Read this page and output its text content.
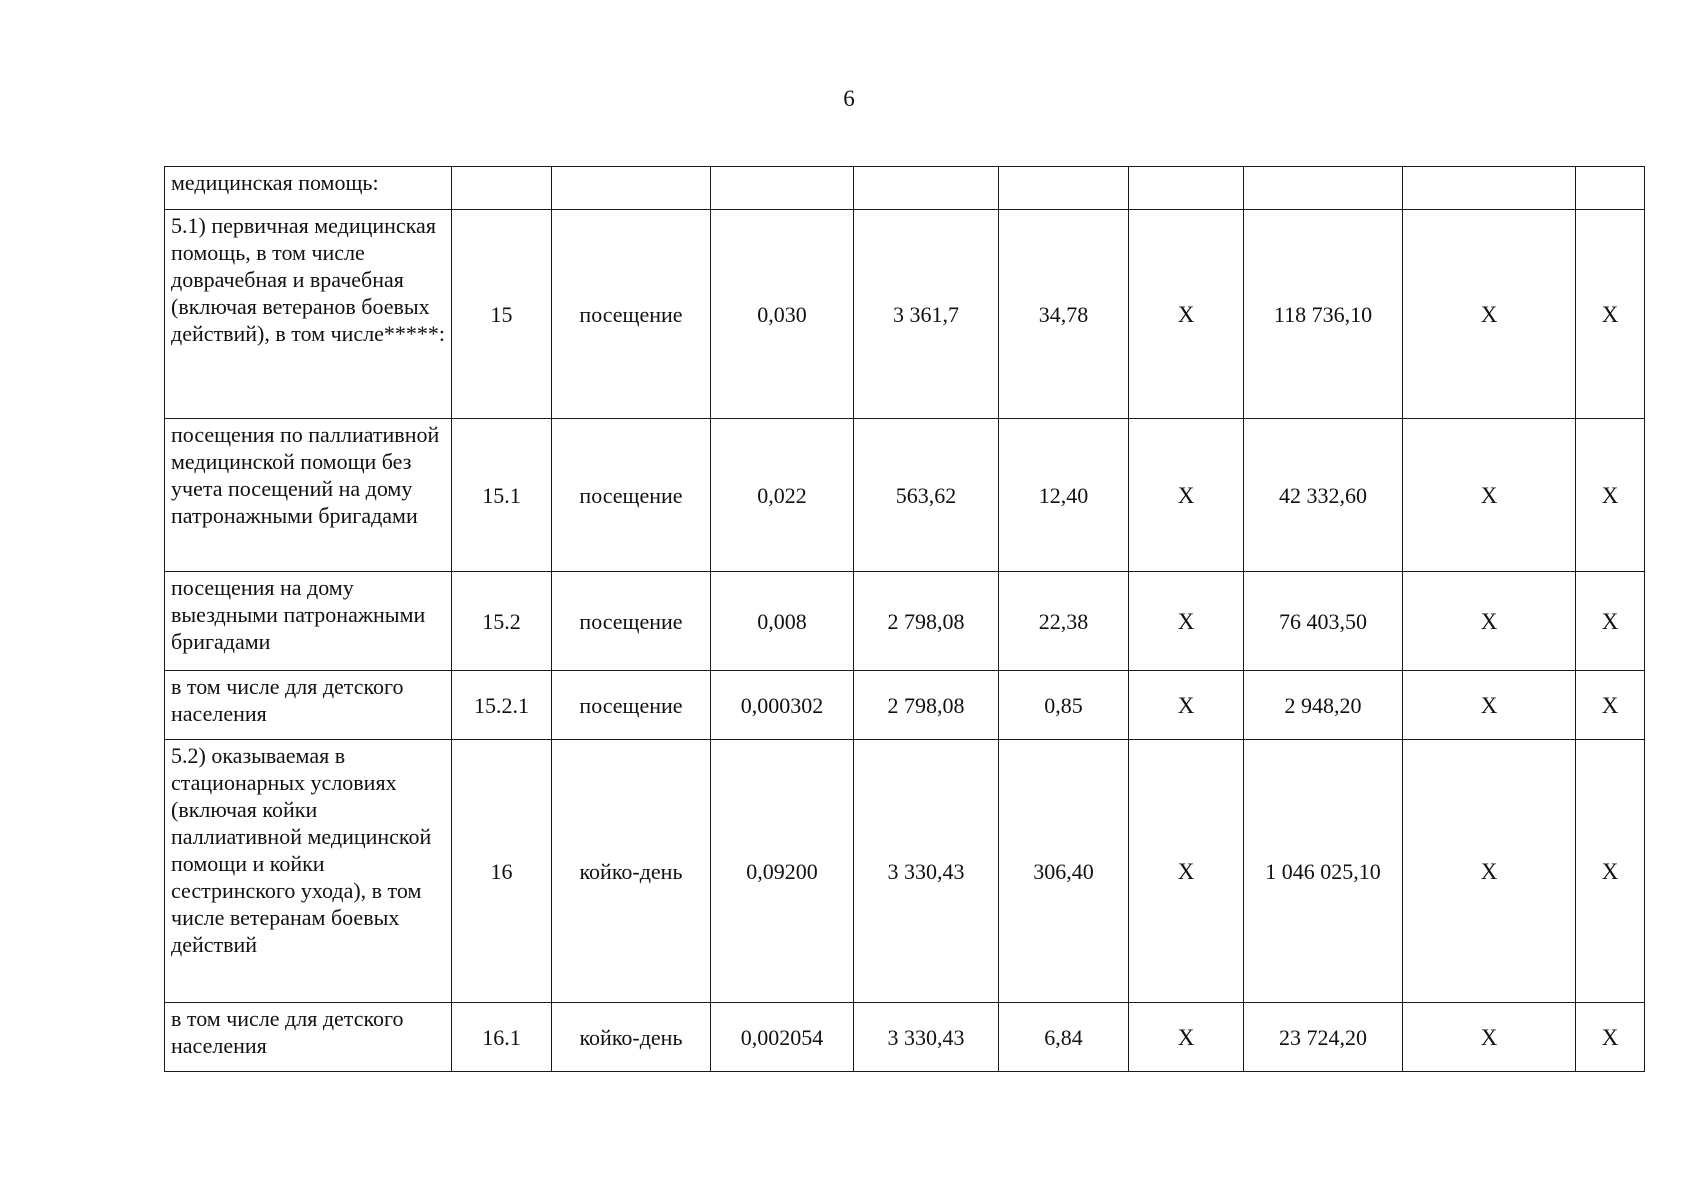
6
медицинская помощь:									
5.1) первичная медицинская помощь, в том числе доврачебная и врачебная (включая ветеранов боевых действий), в том числе*****:	15	посещение	0,030	3 361,7	34,78	X	118 736,10	X	X
посещения по паллиативной медицинской помощи без учета посещений на дому патронажными бригадами	15.1	посещение	0,022	563,62	12,40	X	42 332,60	X	X
посещения на дому выездными патронажными бригадами	15.2	посещение	0,008	2 798,08	22,38	X	76 403,50	X	X
в том числе для детского населения	15.2.1	посещение	0,000302	2 798,08	0,85	X	2 948,20	X	X
5.2) оказываемая в стационарных условиях (включая койки паллиативной медицинской помощи и койки сестринского ухода), в том числе ветеранам боевых действий	16	койко-день	0,09200	3 330,43	306,40	X	1 046 025,10	X	X
в том числе для детского населения	16.1	койко-день	0,002054	3 330,43	6,84	X	23 724,20	X	X
